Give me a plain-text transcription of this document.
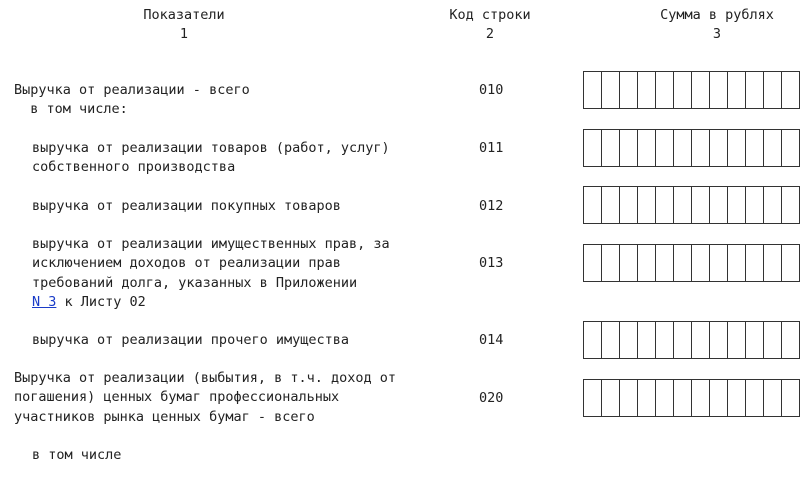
Показатели
1
Код строки
2
Сумма в рублях
3
Выручка от реализации - всего
в том числе:
010
выручка от реализации товаров (работ, услуг)
собственного производства
011
выручка от реализации покупных товаров	012
выручка от реализации имущественных прав, за
исключением доходов от реализации прав
требований долга, указанных в Приложении
N 3 к Листу 02
013
выручка от реализации прочего имущества	014
Выручка от реализации (выбытия, в т.ч. доход от
погашения) ценных бумаг профессиональных
участников рынка ценных бумаг - всего
020
в том числе
